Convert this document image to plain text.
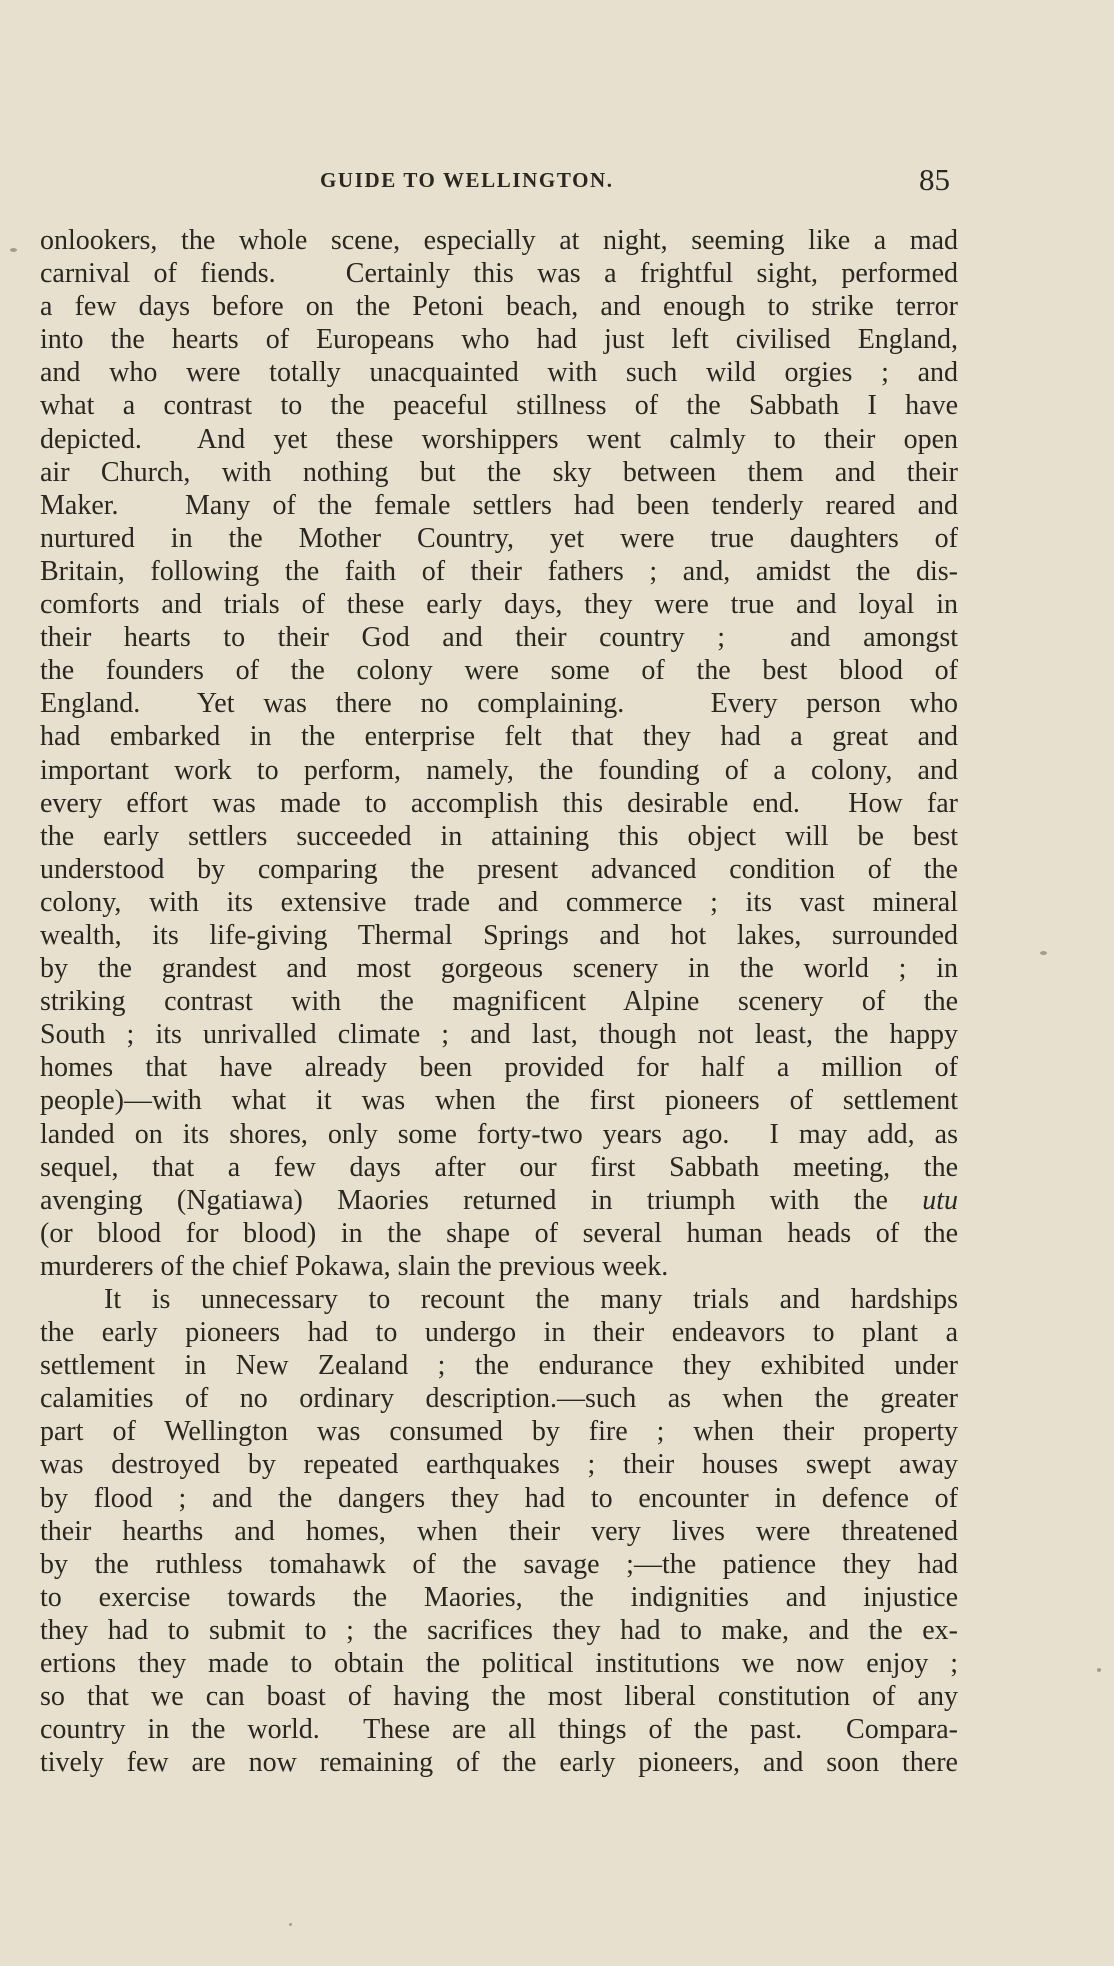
GUIDE TO WELLINGTON.	85
onlookers, the whole scene, especially at night, seeming like a mad
carnival of fiends.   Certainly this was a frightful sight, performed
a few days before on the Petoni beach, and enough to strike terror
into the hearts of Europeans who had just left civilised England,
and who were totally unacquainted with such wild orgies ; and
what a contrast to the peaceful stillness of the Sabbath I have
depicted.  And yet these worshippers went calmly to their open
air Church, with nothing but the sky between them and their
Maker.   Many of the female settlers had been tenderly reared and
nurtured in the Mother Country, yet were true daughters of
Britain, following the faith of their fathers ; and, amidst the dis-
comforts and trials of these early days, they were true and loyal in
their hearts to their God and their country ;  and amongst
the founders of the colony were some of the best blood of
England.  Yet was there no complaining.   Every person who
had embarked in the enterprise felt that they had a great and
important work to perform, namely, the founding of a colony, and
every effort was made to accomplish this desirable end.  How far
the early settlers succeeded in attaining this object will be best
understood by comparing the present advanced condition of the
colony, with its extensive trade and commerce ; its vast mineral
wealth, its life-giving Thermal Springs and hot lakes, surrounded
by the grandest and most gorgeous scenery in the world ; in
striking contrast with the magnificent Alpine scenery of the
South ; its unrivalled climate ; and last, though not least, the happy
homes that have already been provided for half a million of
people)—with what it was when the first pioneers of settlement
landed on its shores, only some forty-two years ago.  I may add, as
sequel, that a few days after our first Sabbath meeting, the
avenging (Ngatiawa) Maories returned in triumph with the utu
(or blood for blood) in the shape of several human heads of the
murderers of the chief Pokawa, slain the previous week.
It is unnecessary to recount the many trials and hardships
the early pioneers had to undergo in their endeavors to plant a
settlement in New Zealand ; the endurance they exhibited under
calamities of no ordinary description.—such as when the greater
part of Wellington was consumed by fire ; when their property
was destroyed by repeated earthquakes ; their houses swept away
by flood ; and the dangers they had to encounter in defence of
their hearths and homes, when their very lives were threatened
by the ruthless tomahawk of the savage ;—the patience they had
to exercise towards the Maories, the indignities and injustice
they had to submit to ; the sacrifices they had to make, and the ex-
ertions they made to obtain the political institutions we now enjoy ;
so that we can boast of having the most liberal constitution of any
country in the world.  These are all things of the past.  Compara-
tively few are now remaining of the early pioneers, and soon there
